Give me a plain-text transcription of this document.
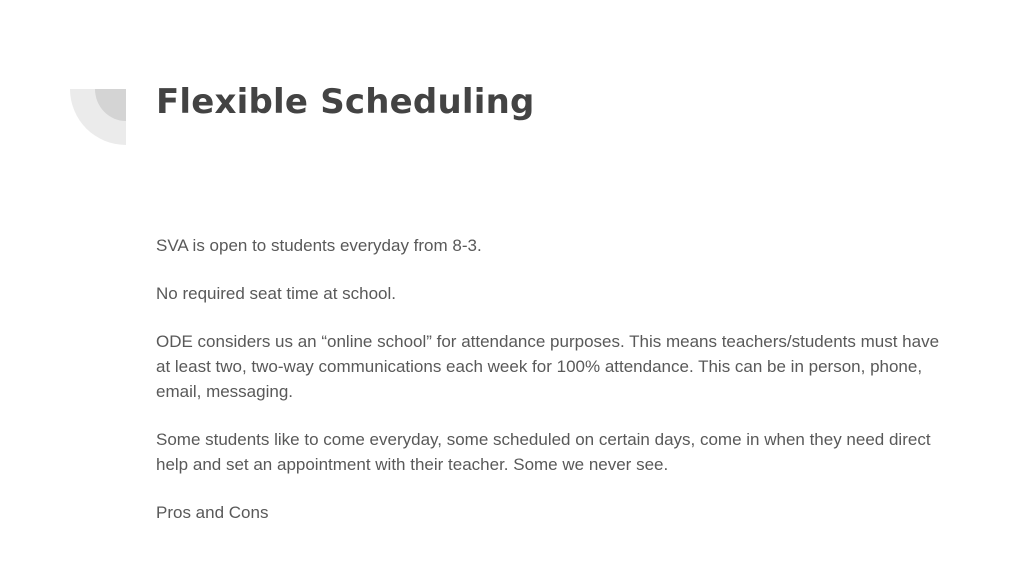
Flexible Scheduling

SVA is open to students everyday from 8-3.

No required seat time at school.

ODE considers us an “online school” for attendance purposes. This means teachers/students must have at least two, two-way communications each week for 100% attendance. This can be in person, phone, email, messaging.

Some students like to come everyday, some scheduled on certain days, come in when they need direct help and set an appointment with their teacher. Some we never see.

Pros and Cons
